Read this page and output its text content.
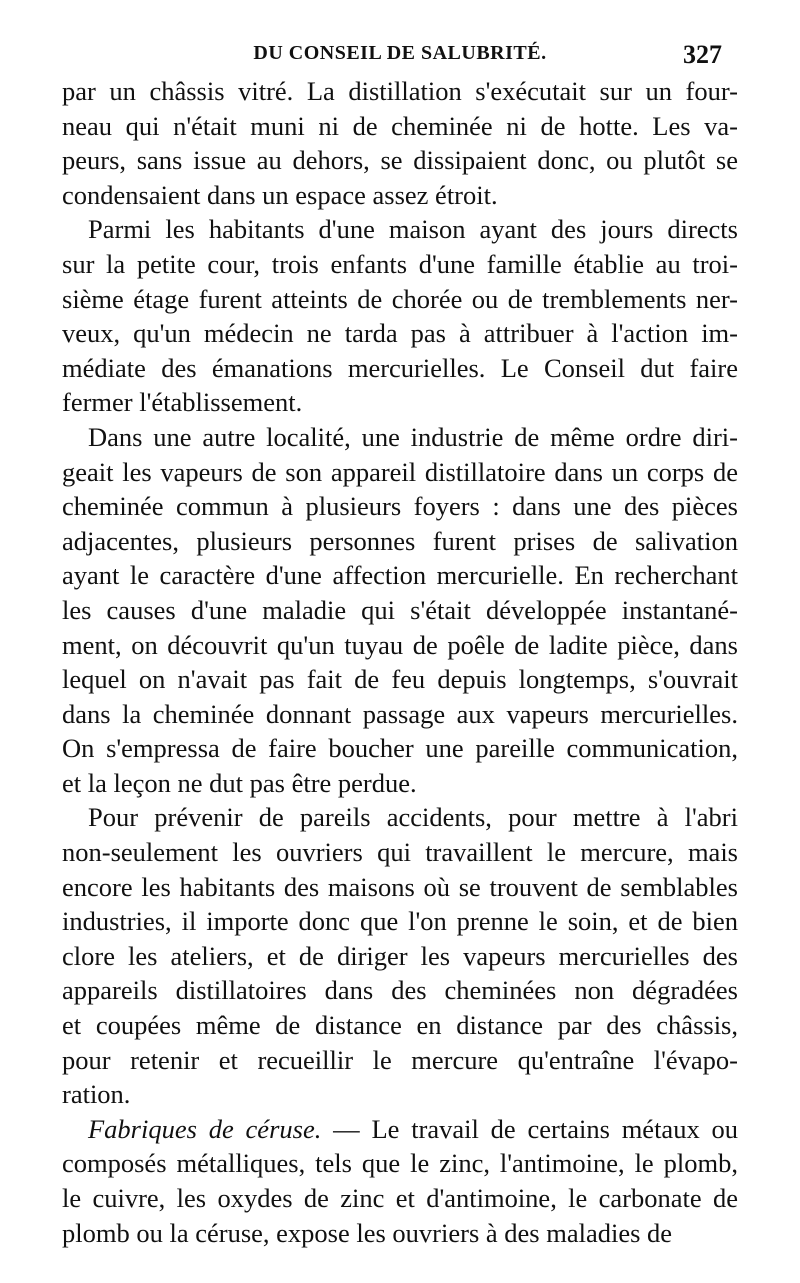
DU CONSEIL DE SALUBRITÉ.	327
par un châssis vitré. La distillation s'exécutait sur un four-
neau qui n'était muni ni de cheminée ni de hotte. Les va-
peurs, sans issue au dehors, se dissipaient donc, ou plutôt se
condensaient dans un espace assez étroit.
Parmi les habitants d'une maison ayant des jours directs
sur la petite cour, trois enfants d'une famille établie au troi-
sième étage furent atteints de chorée ou de tremblements ner-
veux, qu'un médecin ne tarda pas à attribuer à l'action im-
médiate des émanations mercurielles. Le Conseil dut faire
fermer l'établissement.
Dans une autre localité, une industrie de même ordre diri-
geait les vapeurs de son appareil distillatoire dans un corps de
cheminée commun à plusieurs foyers : dans une des pièces
adjacentes, plusieurs personnes furent prises de salivation
ayant le caractère d'une affection mercurielle. En recherchant
les causes d'une maladie qui s'était développée instantané-
ment, on découvrit qu'un tuyau de poêle de ladite pièce, dans
lequel on n'avait pas fait de feu depuis longtemps, s'ouvrait
dans la cheminée donnant passage aux vapeurs mercurielles.
On s'empressa de faire boucher une pareille communication,
et la leçon ne dut pas être perdue.
Pour prévenir de pareils accidents, pour mettre à l'abri
non-seulement les ouvriers qui travaillent le mercure, mais
encore les habitants des maisons où se trouvent de semblables
industries, il importe donc que l'on prenne le soin, et de bien
clore les ateliers, et de diriger les vapeurs mercurielles des
appareils distillatoires dans des cheminées non dégradées
et coupées même de distance en distance par des châssis,
pour retenir et recueillir le mercure qu'entraîne l'évapo-
ration.
Fabriques de céruse. — Le travail de certains métaux ou
composés métalliques, tels que le zinc, l'antimoine, le plomb,
le cuivre, les oxydes de zinc et d'antimoine, le carbonate de
plomb ou la céruse, expose les ouvriers à des maladies de
